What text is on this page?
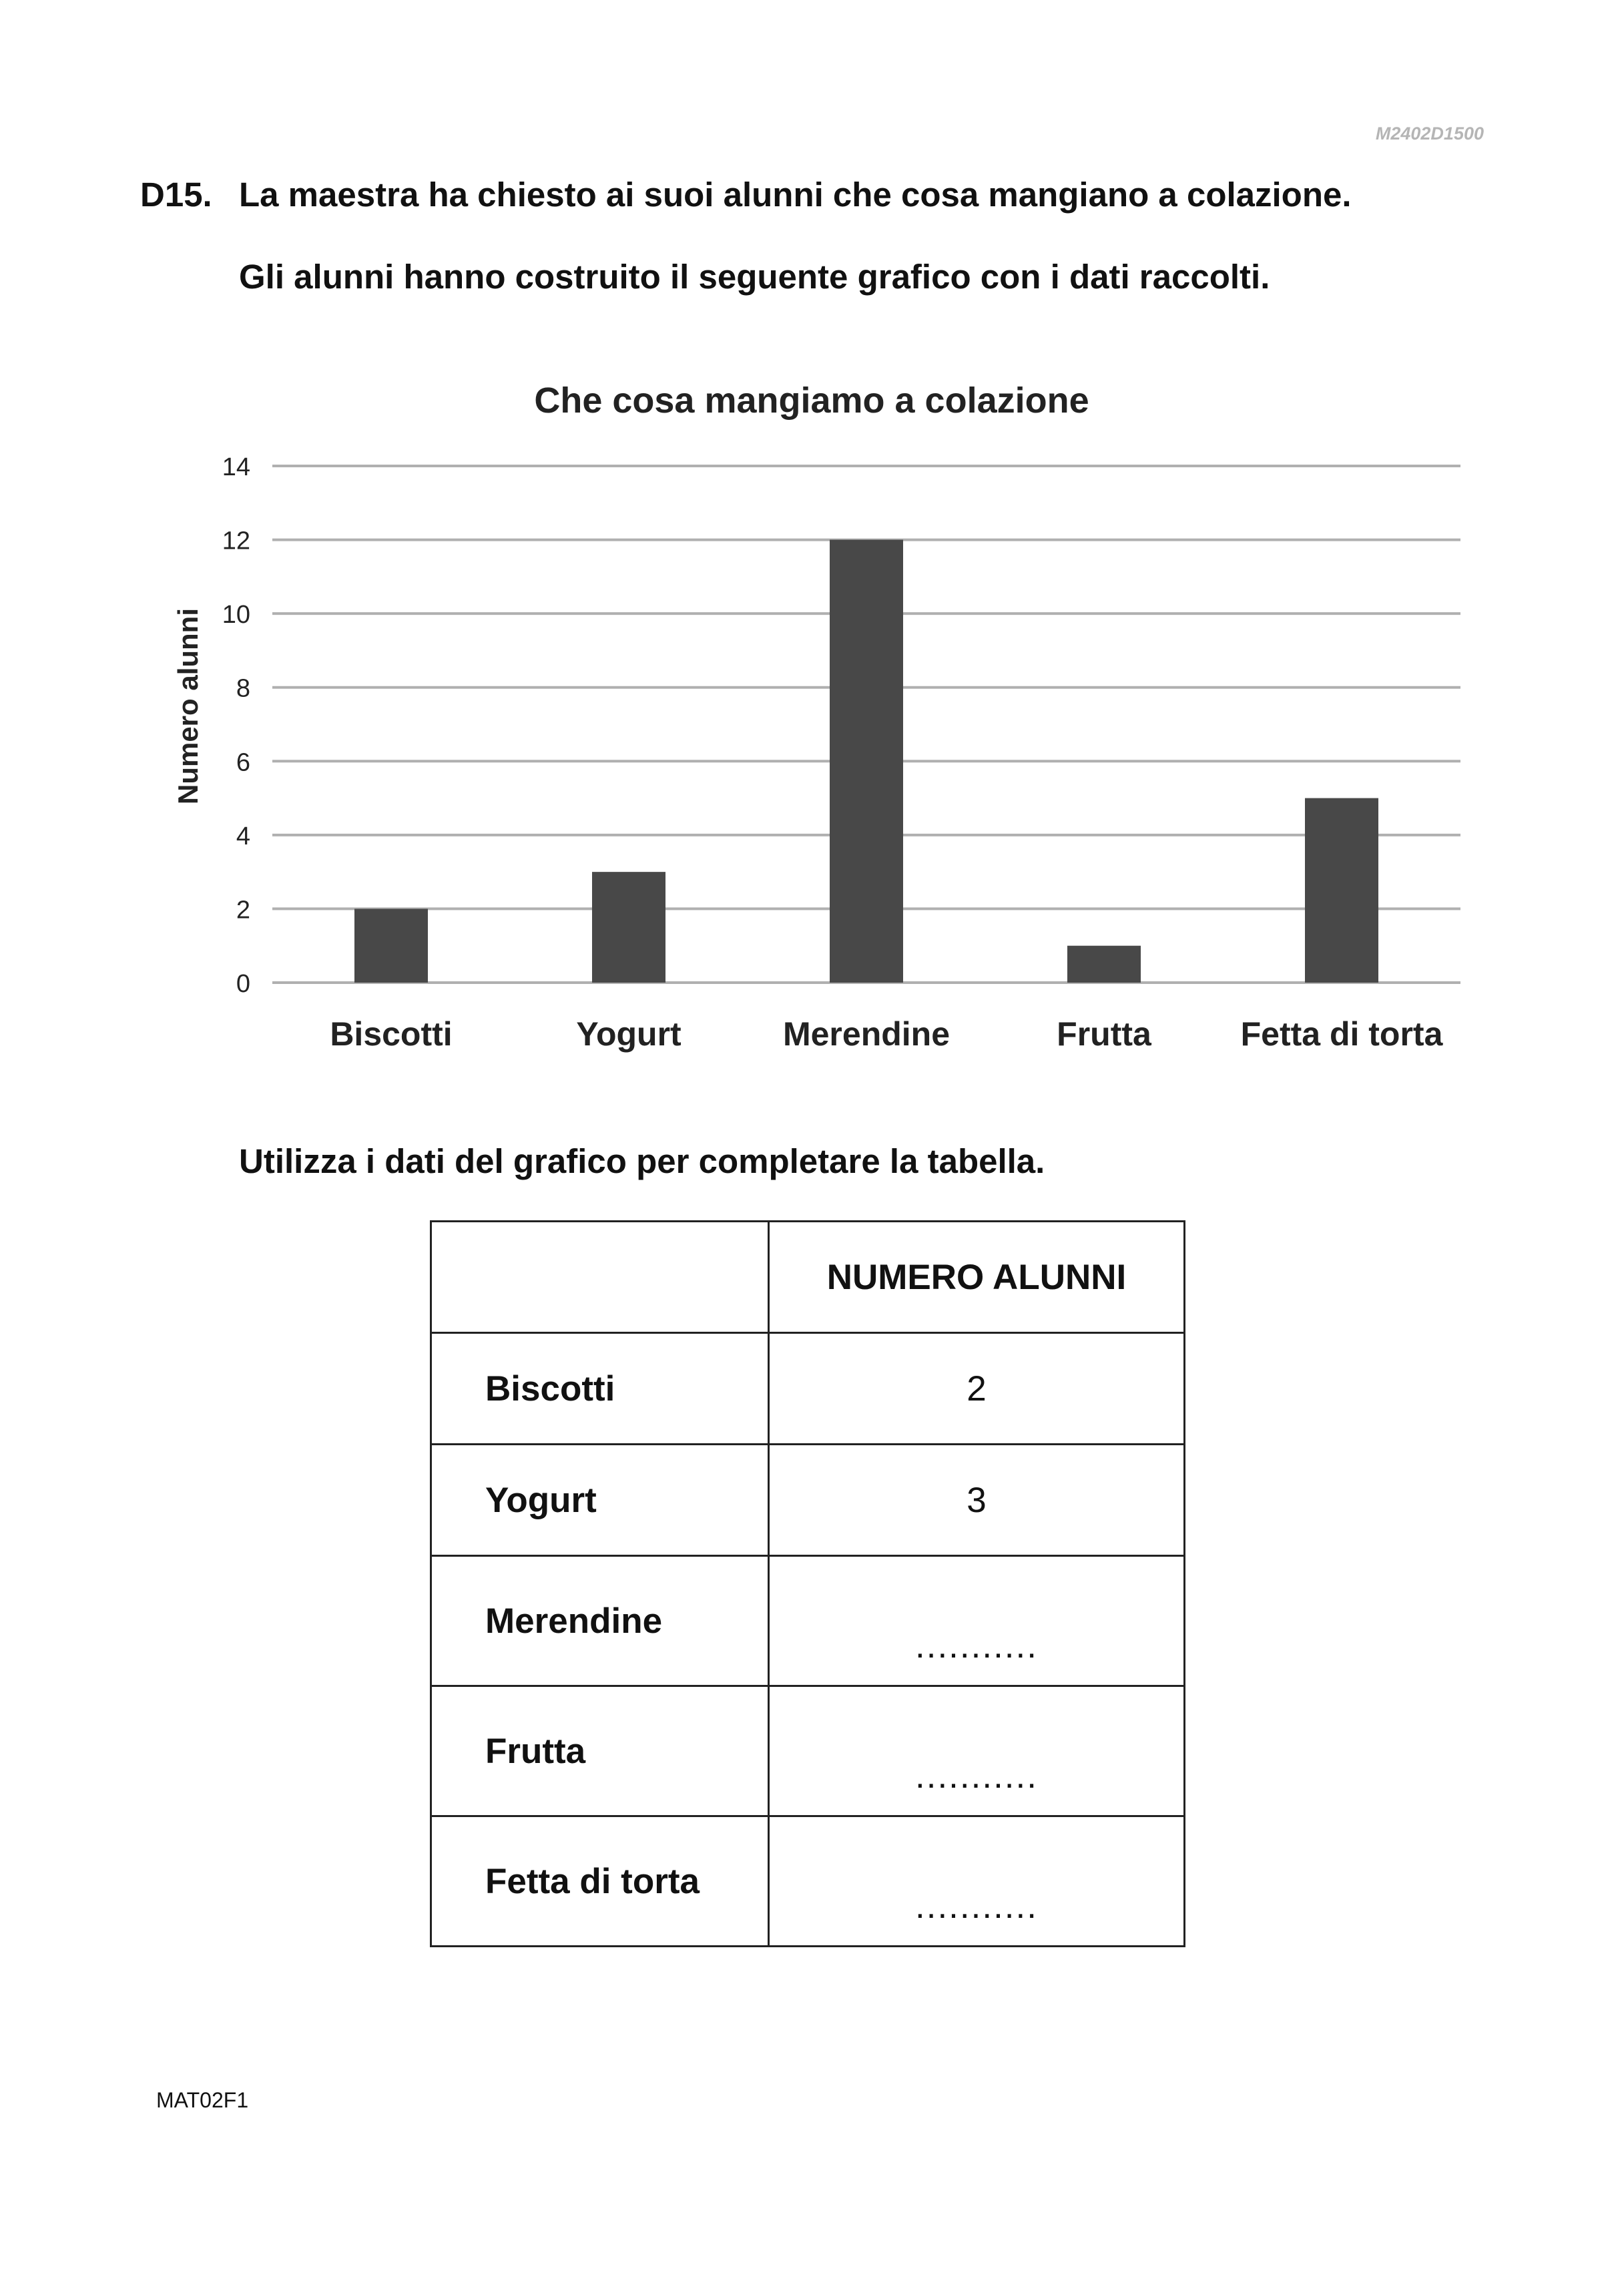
M2402D1500
D15. La maestra ha chiesto ai suoi alunni che cosa mangiano a colazione.
Gli alunni hanno costruito il seguente grafico con i dati raccolti.
Che cosa mangiamo a colazione
Numero alunni
0
2
4
6
8
10
12
14
Biscotti	Yogurt	Merendine	Frutta	Fetta di torta
Utilizza i dati del grafico per completare la tabella.
	NUMERO ALUNNI
Biscotti	2
Yogurt	3
Merendine	...........
Frutta	...........
Fetta di torta	...........
MAT02F1
